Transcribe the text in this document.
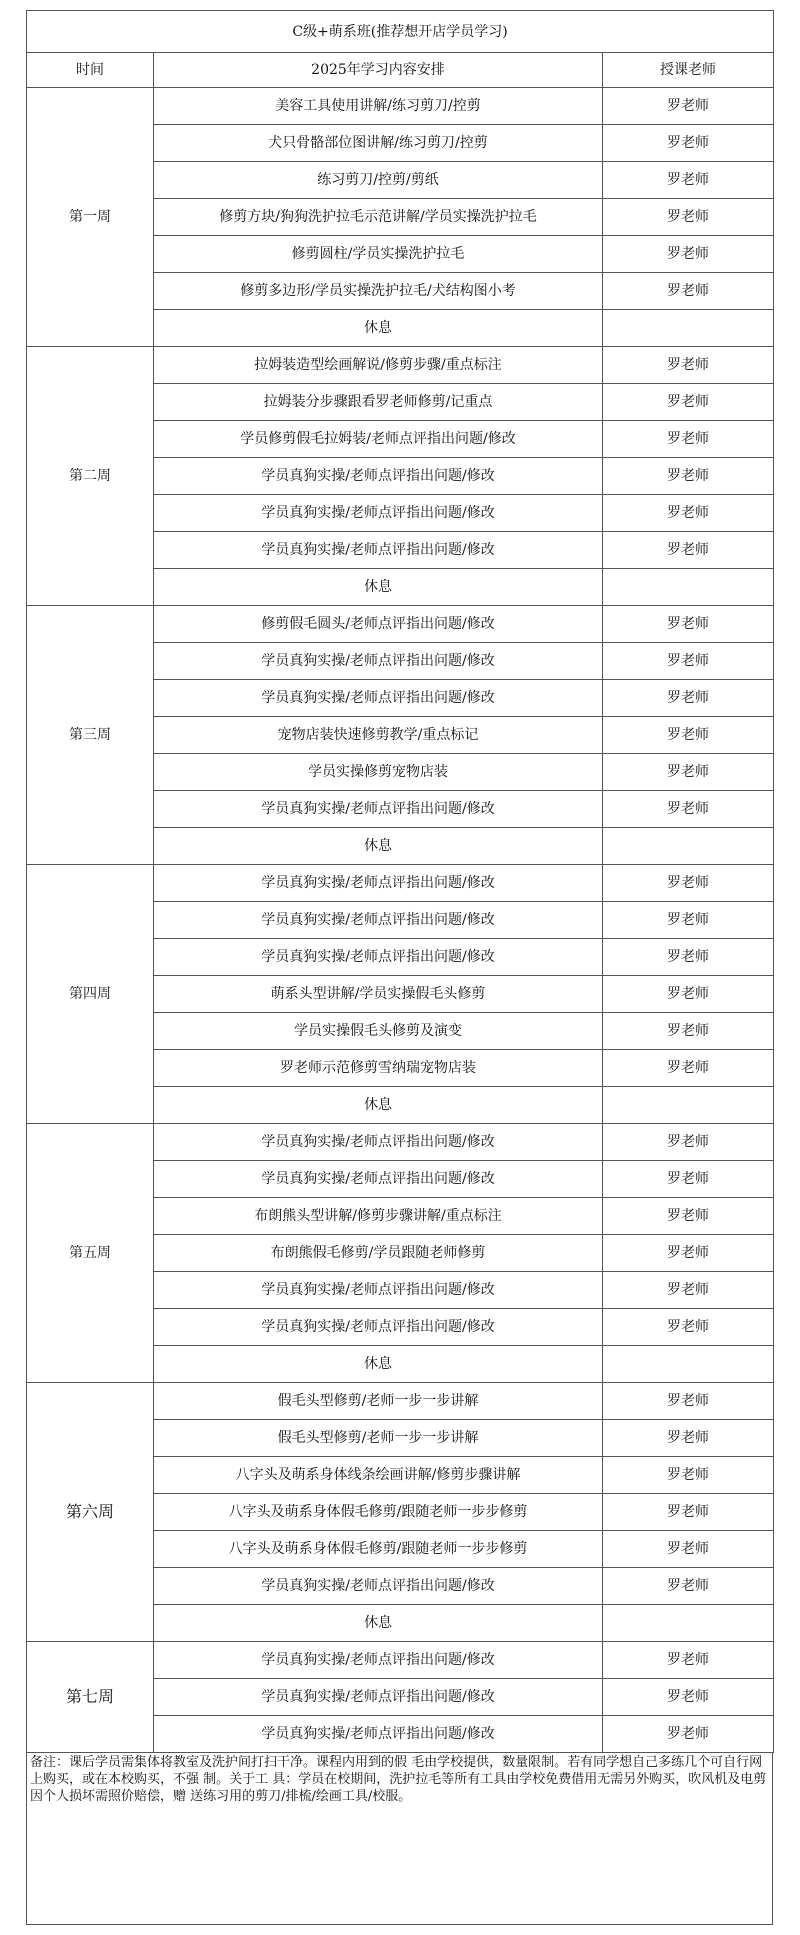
C级+萌系班(推荐想开店学员学习)		
时间	2025年学习内容安排	授课老师
第一周	美容工具使用讲解/练习剪刀/控剪	罗老师
	犬只骨骼部位图讲解/练习剪刀/控剪	罗老师
	练习剪刀/控剪/剪纸	罗老师
	修剪方块/狗狗洗护拉毛示范讲解/学员实操洗护拉毛	罗老师
	修剪圆柱/学员实操洗护拉毛	罗老师
	修剪多边形/学员实操洗护拉毛/犬结构图小考	罗老师
	休息	
第二周	拉姆装造型绘画解说/修剪步骤/重点标注	罗老师
	拉姆装分步骤跟看罗老师修剪/记重点	罗老师
	学员修剪假毛拉姆装/老师点评指出问题/修改	罗老师
	学员真狗实操/老师点评指出问题/修改	罗老师
	学员真狗实操/老师点评指出问题/修改	罗老师
	学员真狗实操/老师点评指出问题/修改	罗老师
	休息	
第三周	修剪假毛圆头/老师点评指出问题/修改	罗老师
	学员真狗实操/老师点评指出问题/修改	罗老师
	学员真狗实操/老师点评指出问题/修改	罗老师
	宠物店装快速修剪教学/重点标记	罗老师
	学员实操修剪宠物店装	罗老师
	学员真狗实操/老师点评指出问题/修改	罗老师
	休息	
第四周	学员真狗实操/老师点评指出问题/修改	罗老师
	学员真狗实操/老师点评指出问题/修改	罗老师
	学员真狗实操/老师点评指出问题/修改	罗老师
	萌系头型讲解/学员实操假毛头修剪	罗老师
	学员实操假毛头修剪及演变	罗老师
	罗老师示范修剪雪纳瑞宠物店装	罗老师
	休息	
第五周	学员真狗实操/老师点评指出问题/修改	罗老师
	学员真狗实操/老师点评指出问题/修改	罗老师
	布朗熊头型讲解/修剪步骤讲解/重点标注	罗老师
	布朗熊假毛修剪/学员跟随老师修剪	罗老师
	学员真狗实操/老师点评指出问题/修改	罗老师
	学员真狗实操/老师点评指出问题/修改	罗老师
	休息	
第六周	假毛头型修剪/老师一步一步讲解	罗老师
	假毛头型修剪/老师一步一步讲解	罗老师
	八字头及萌系身体线条绘画讲解/修剪步骤讲解	罗老师
	八字头及萌系身体假毛修剪/跟随老师一步步修剪	罗老师
	八字头及萌系身体假毛修剪/跟随老师一步步修剪	罗老师
	学员真狗实操/老师点评指出问题/修改	罗老师
	休息	
第七周	学员真狗实操/老师点评指出问题/修改	罗老师
	学员真狗实操/老师点评指出问题/修改	罗老师
	学员真狗实操/老师点评指出问题/修改	罗老师
备注：课后学员需集体将教室及洗护间打扫干净。课程内用到的假 毛由学校提供，数量限制。若有同学想自己多练几个可自行网上购买，或在本校购买，不强 制。关于工 具：学员在校期间，洗护拉毛等所有工具由学校免费借用无需另外购买，吹风机及电剪因个人损坏需照价赔偿，赠 送练习用的剪刀/排梳/绘画工具/校服。
